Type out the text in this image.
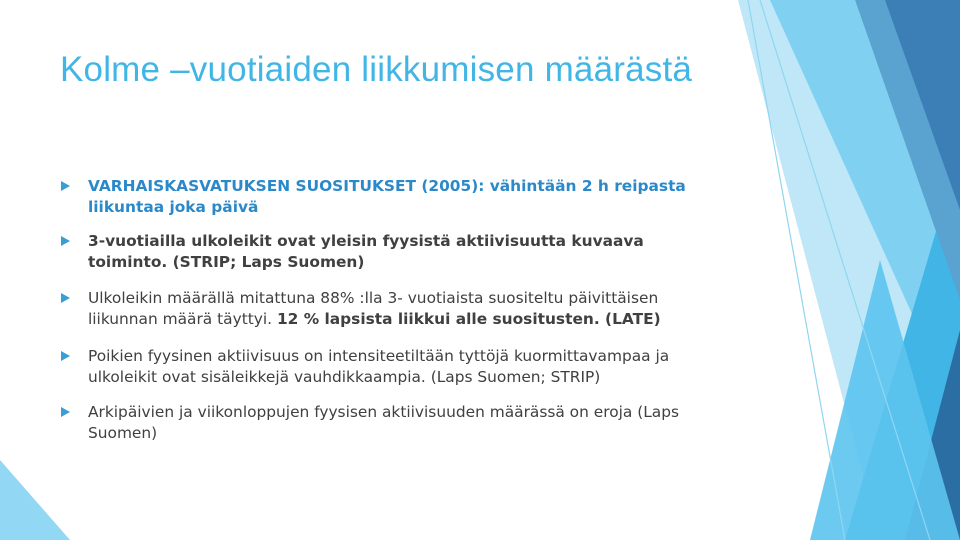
Kolme –vuotiaiden liikkumisen määrästä
VARHAISKASVATUKSEN SUOSITUKSET (2005): vähintään 2 h reipasta liikuntaa joka päivä
3-vuotiailla ulkoleikit ovat yleisin fyysistä aktiivisuutta kuvaava toiminto. (STRIP; Laps Suomen)
Ulkoleikin määrällä mitattuna 88% :lla 3- vuotiaista suositeltu päivittäisen liikunnan määrä täyttyi. 12 % lapsista liikkui alle suositusten. (LATE)
Poikien fyysinen aktiivisuus on intensiteetiltään tyttöjä kuormittavampaa ja ulkoleikit ovat sisäleikkejä vauhdikkaampia. (Laps Suomen; STRIP)
Arkipäivien ja viikonloppujen fyysisen aktiivisuuden määrässä on eroja (Laps Suomen)
